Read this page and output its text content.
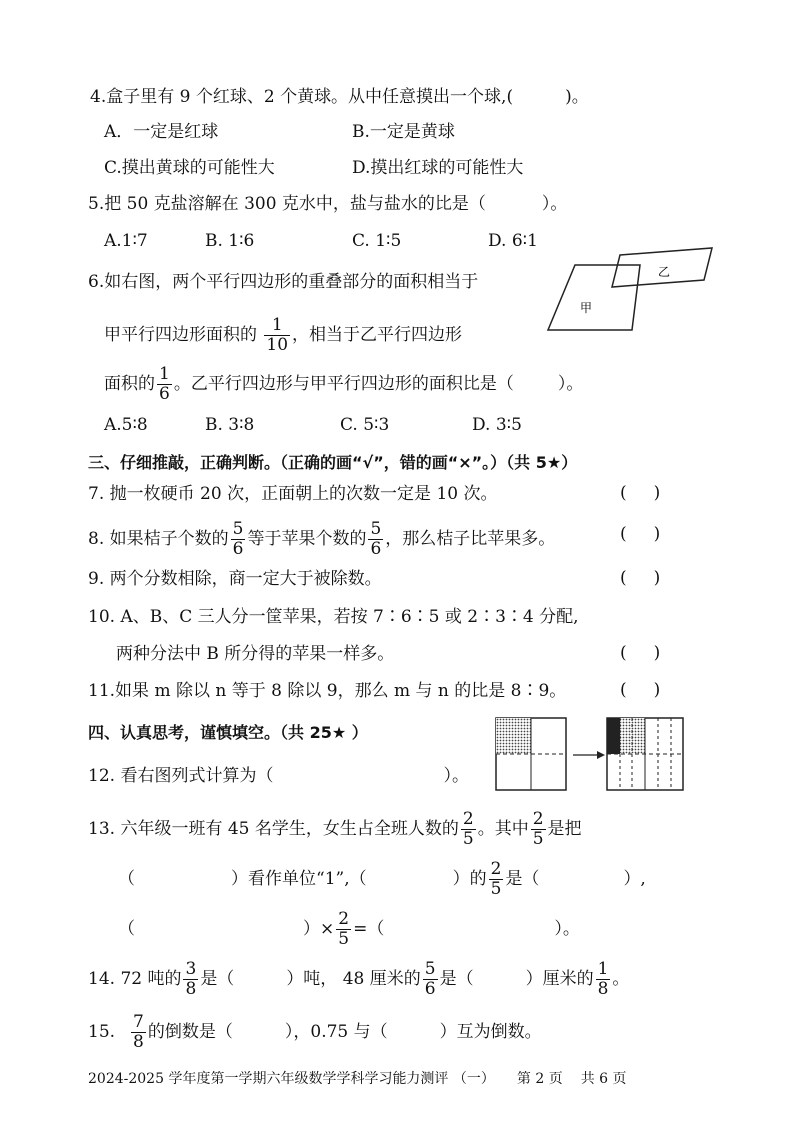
4.盒子里有 9 个红球、2 个黄球。从中任意摸出一个球,(	)。
A．一定是红球	B.一定是黄球
C.摸出黄球的可能性大	D.摸出红球的可能性大
5.把 50 克盐溶解在 300 克水中，盐与盐水的比是（	）。
A.1∶7	B. 1∶6	C. 1∶5	D. 6∶1
6.如右图，两个平行四边形的重叠部分的面积相当于
甲平行四边形面积的 $\frac{1}{10}$ ，相当于乙平行四边形
面积的 $\frac{1}{6}$ 。乙平行四边形与甲平行四边形的面积比是（	）。
A.5∶8	B. 3∶8	C. 5∶3	D. 3∶5
甲
乙
三、仔细推敲，正确判断。（正确的画“√”，错的画“×”。）（共 5★）
7. 抛一枚硬币 20 次，正面朝上的次数一定是 10 次。	(     )
8. 如果桔子个数的 $\frac{5}{6}$ 等于苹果个数的 $\frac{5}{6}$ ，那么桔子比苹果多。	(     )
9. 两个分数相除，商一定大于被除数。	(     )
10. A、B、C 三人分一筐苹果，若按 7∶6∶5 或 2∶3∶4 分配,
两种分法中 B 所分得的苹果一样多。	(     )
11.如果 m 除以 n 等于 8 除以 9，那么 m 与 n 的比是 8∶9。	(     )
四、认真思考，谨慎填空。（共 25★ ）
12. 看右图列式计算为（	）。
13. 六年级一班有 45 名学生，女生占全班人数的 $\frac{2}{5}$ 。其中 $\frac{2}{5}$ 是把
（	）看作单位“1”,（	）的 $\frac{2}{5}$ 是（	）,
（	）× $\frac{2}{5}$ =（	）。
14. 72 吨的 $\frac{3}{8}$ 是（	）吨， 48 厘米的 $\frac{5}{6}$ 是（	）厘米的 $\frac{1}{8}$ 。
15. $\frac{7}{8}$ 的倒数是（	），0.75 与（	）互为倒数。
2024-2025 学年度第一学期六年级数学学科学习能力测评 （一） 第 2 页 共 6 页
